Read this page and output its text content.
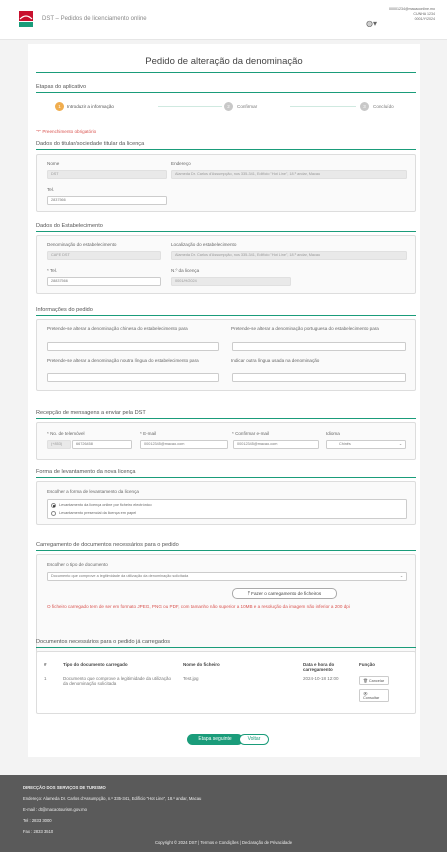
DST – Pedidos de licenciamento online	◍▾
00001234@macaoonline.mo
CUNHA 1234
0001/Y/2024
Pedido de alteração da denominação
Etapas do aplicativo
1	Introduzir a informação	2	Confirmar	3	Concluído
"*" Preenchimento obrigatório
Dados do titular/sociedade titular da licença
Nome
DST
Endereço
Alameda Dr. Carlos d'Assumpção, nos 335-341, Edifício "Hot Line", 18.º andar, Macau
Tel.
2837566
Dados do Estabelecimento
Denominação do estabelecimento
CAFE DST
Localização do estabelecimento
Alameda Dr. Carlos d'Assumpção, nos 335-341, Edifício "Hot Line", 18.º andar, Macau
* Tel.
28837566
N.º da licença
0001/H/2024
Informações do pedido
Pretende-se alterar a denominação chinesa do estabelecimento para	Pretende-se alterar a denominação portuguesa do estabelecimento para
Pretende-se alterar a denominação noutra língua do estabelecimento para	Indicar outra língua usada na denominação
Recepção de mensagens a enviar pela DST
* No. de telemóvel
(+853)	66726458
* E-mail
00012345@macao.com
* Confirmar e-mail
00012345@macao.com
Idioma
Chinês	⌄
Forma de levantamento da nova licença
Escolher a forma de levantamento da licença
Levantamento da licença online por ficheiro electrónico
Levantamento presencial da licença em papel
Carregamento de documentos necessários para o pedido
Escolher o tipo de documento
Documento que comprove a legitimidade da utilização da denominação solicitada	⌄
⤒ Fazer o carregamento de ficheiros
O ficheiro carregado tem de ser em formato JPEG, PNG ou PDF, com tamanho não superior a 10MB e a resolução da imagem não inferior a 200 dpi
Documentos necessários para o pedido já carregados
#	Tipo do documento carregado	Nome do ficheiro	Data e hora do carregamento	Função
1	Documento que comprove a legitimidade da utilização da denominação solicitada	Test.jpg	2024-10-18 12:00	🗑 Cancelar
👁 Consultar
Etapa seguinte	Voltar
DIRECÇÃO DOS SERVIÇOS DE TURISMO
Endereço: Alameda Dr. Carlos d'Assumpção, n.º 335-341, Edifício "Hot Line", 18.º andar, Macau
E-mail : dt@macaotourism.gov.mo
Tel : 2833 3000
Fax : 2833 3510
Copyright © 2024 DST | Termos e Condições | Declaração de Privacidade
